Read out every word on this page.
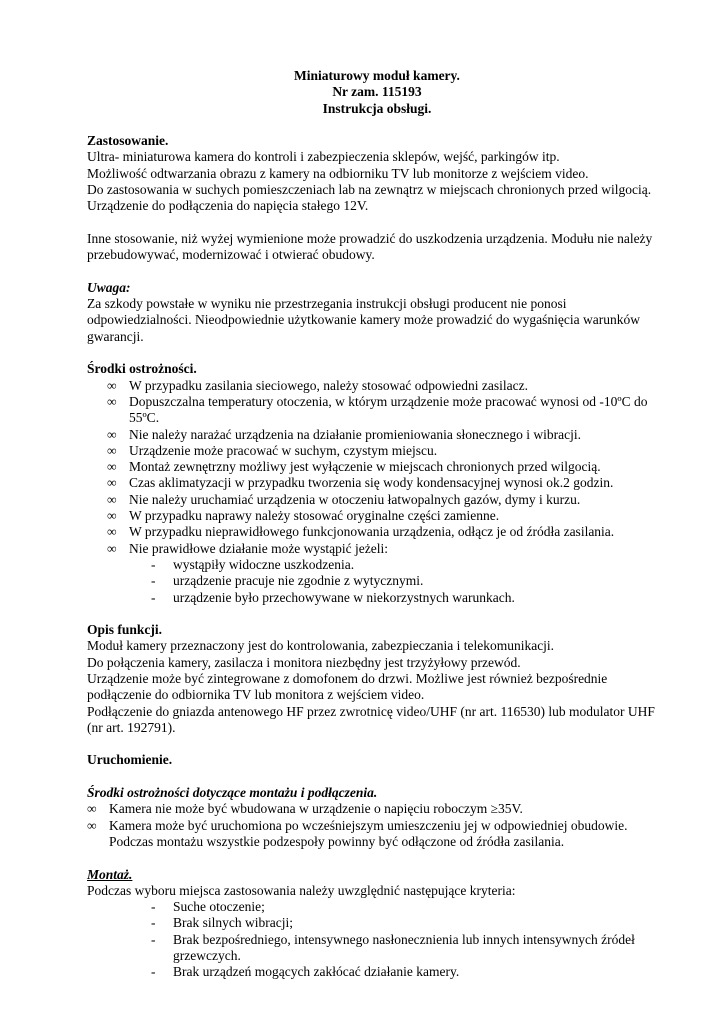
Miniaturowy moduł kamery.

Nr zam. 115193

Instrukcja obsługi.

Zastosowanie.

Ultra- miniaturowa kamera do kontroli i zabezpieczenia sklepów, wejść, parkingów itp.

Możliwość odtwarzania obrazu z kamery na odbiorniku TV lub monitorze z wejściem video.

Do zastosowania w suchych pomieszczeniach lab na zewnątrz w miejscach chronionych przed wilgocią.

Urządzenie do podłączenia do napięcia stałego 12V.

Inne stosowanie, niż wyżej wymienione może prowadzić do uszkodzenia urządzenia. Modułu nie należy przebudowywać, modernizować i otwierać obudowy.

Uwaga:

Za szkody powstałe w wyniku nie przestrzegania instrukcji obsługi producent nie ponosi odpowiedzialności. Nieodpowiednie użytkowanie kamery może prowadzić do wygaśnięcia warunków gwarancji.

Środki ostrożności.

∞ W przypadku zasilania sieciowego, należy stosować odpowiedni zasilacz.
∞ Dopuszczalna temperatury otoczenia, w którym urządzenie może pracować wynosi od -10ºC do 55ºC.
∞ Nie należy narażać urządzenia na działanie promieniowania słonecznego i wibracji.
∞ Urządzenie może pracować w suchym, czystym miejscu.
∞ Montaż zewnętrzny możliwy jest wyłączenie w miejscach chronionych przed wilgocią.
∞ Czas aklimatyzacji w przypadku tworzenia się wody kondensacyjnej wynosi ok.2 godzin.
∞ Nie należy uruchamiać urządzenia w otoczeniu łatwopalnych gazów, dymy i kurzu.
∞ W przypadku naprawy należy stosować oryginalne części zamienne.
∞ W przypadku nieprawidłowego funkcjonowania urządzenia, odłącz je od źródła zasilania.
∞ Nie prawidłowe działanie może wystąpić jeżeli:
- wystąpiły widoczne uszkodzenia.
- urządzenie pracuje nie zgodnie z wytycznymi.
- urządzenie było przechowywane w niekorzystnych warunkach.

Opis funkcji.

Moduł kamery przeznaczony jest do kontrolowania, zabezpieczania i telekomunikacji.

Do połączenia kamery, zasilacza i monitora niezbędny jest trzyżyłowy przewód.

Urządzenie może być zintegrowane z domofonem do drzwi. Możliwe jest również bezpośrednie podłączenie do odbiornika TV lub monitora z wejściem video.

Podłączenie do gniazda antenowego HF przez zwrotnicę video/UHF (nr art. 116530) lub modulator UHF (nr art. 192791).

Uruchomienie.

Środki ostrożności dotyczące montażu i podłączenia.

∞ Kamera nie może być wbudowana w urządzenie o napięciu roboczym ≥35V.
∞ Kamera może być uruchomiona po wcześniejszym umieszczeniu jej w odpowiedniej obudowie. Podczas montażu wszystkie podzespoły powinny być odłączone od źródła zasilania.

Montaż.

Podczas wyboru miejsca zastosowania należy uwzględnić następujące kryteria:

- Suche otoczenie;
- Brak silnych wibracji;
- Brak bezpośredniego, intensywnego nasłonecznienia lub innych intensywnych źródeł grzewczych.
- Brak urządzeń mogących zakłócać działanie kamery.
